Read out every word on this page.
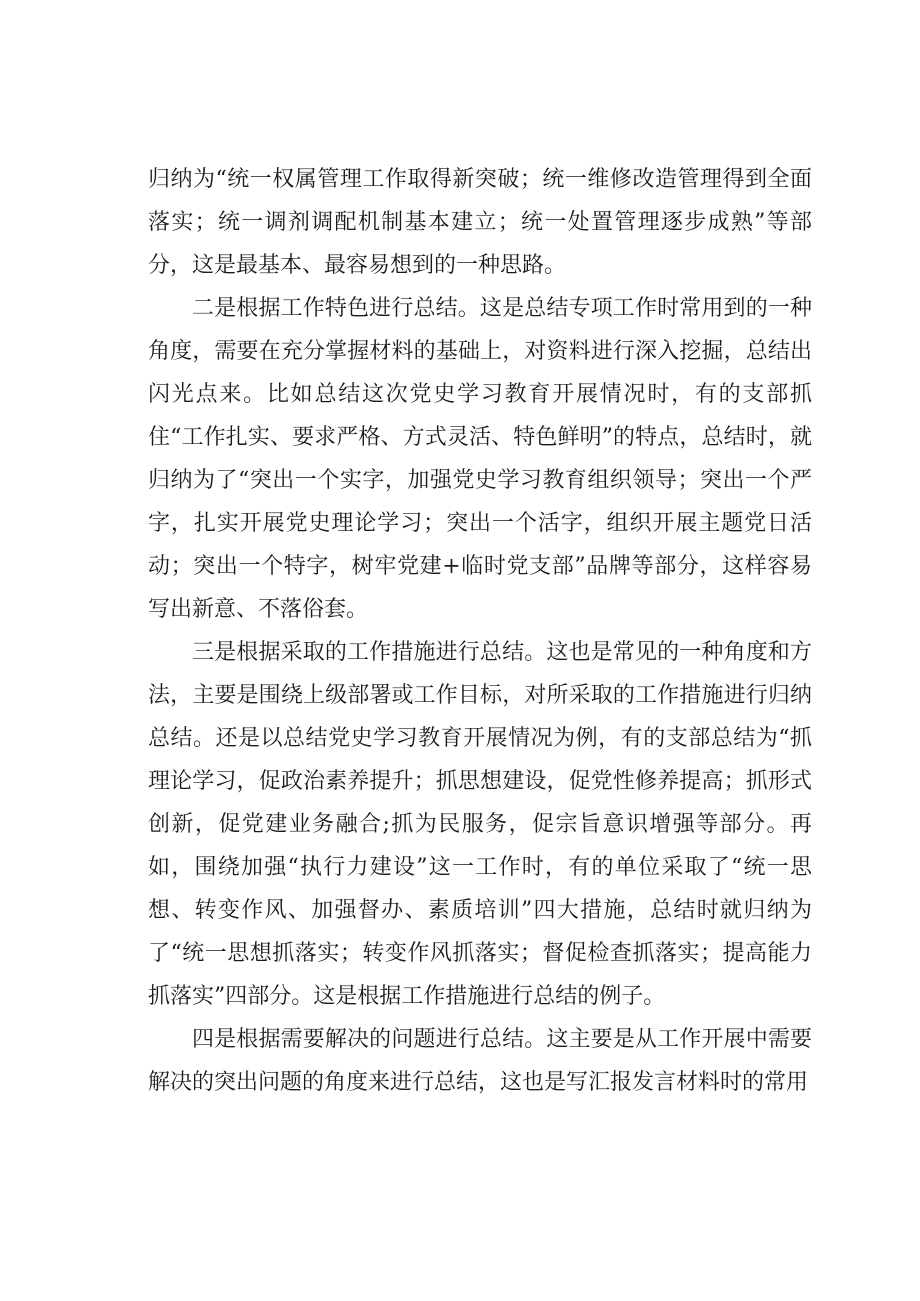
归纳为“统一权属管理工作取得新突破；统一维修改造管理得到全面落实；统一调剂调配机制基本建立；统一处置管理逐步成熟”等部分，这是最基本、最容易想到的一种思路。

二是根据工作特色进行总结。这是总结专项工作时常用到的一种角度，需要在充分掌握材料的基础上，对资料进行深入挖掘，总结出闪光点来。比如总结这次党史学习教育开展情况时，有的支部抓住“工作扎实、要求严格、方式灵活、特色鲜明”的特点，总结时，就归纳为了“突出一个实字，加强党史学习教育组织领导；突出一个严字，扎实开展党史理论学习；突出一个活字，组织开展主题党日活动；突出一个特字，树牢党建+临时党支部”品牌等部分，这样容易写出新意、不落俗套。

三是根据采取的工作措施进行总结。这也是常见的一种角度和方法，主要是围绕上级部署或工作目标，对所采取的工作措施进行归纳总结。还是以总结党史学习教育开展情况为例，有的支部总结为“抓理论学习，促政治素养提升；抓思想建设，促党性修养提高；抓形式创新，促党建业务融合;抓为民服务，促宗旨意识增强等部分。再如，围绕加强“执行力建设”这一工作时，有的单位采取了“统一思想、转变作风、加强督办、素质培训”四大措施，总结时就归纳为了“统一思想抓落实；转变作风抓落实；督促检查抓落实；提高能力抓落实”四部分。这是根据工作措施进行总结的例子。

四是根据需要解决的问题进行总结。这主要是从工作开展中需要解决的突出问题的角度来进行总结，这也是写汇报发言材料时的常用
